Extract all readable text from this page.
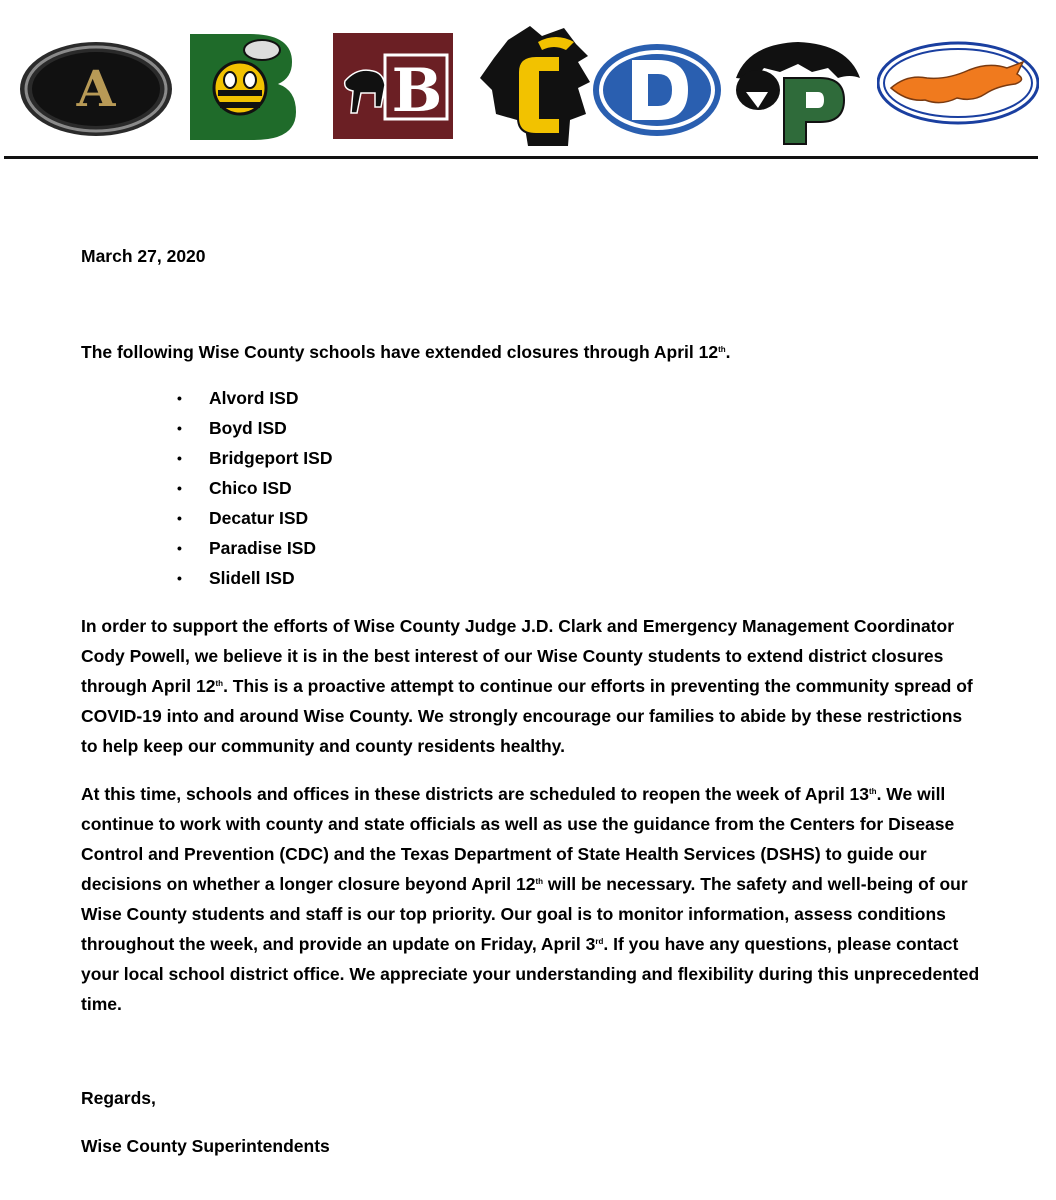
A	B
March 27, 2020
The following Wise County schools have extended closures through April 12th.
• Alvord ISD
• Boyd ISD
• Bridgeport ISD
• Chico ISD
• Decatur ISD
• Paradise ISD
• Slidell ISD

In order to support the efforts of Wise County Judge J.D. Clark and Emergency Management Coordinator Cody Powell, we believe it is in the best interest of our Wise County students to extend district closures through April 12th. This is a proactive attempt to continue our efforts in preventing the community spread of COVID-19 into and around Wise County. We strongly encourage our families to abide by these restrictions to help keep our community and county residents healthy.

At this time, schools and offices in these districts are scheduled to reopen the week of April 13th. We will continue to work with county and state officials as well as use the guidance from the Centers for Disease Control and Prevention (CDC) and the Texas Department of State Health Services (DSHS) to guide our decisions on whether a longer closure beyond April 12th will be necessary. The safety and well-being of our Wise County students and staff is our top priority. Our goal is to monitor information, assess conditions throughout the week, and provide an update on Friday, April 3rd. If you have any questions, please contact your local school district office. We appreciate your understanding and flexibility during this unprecedented time.

Regards,
Wise County Superintendents
